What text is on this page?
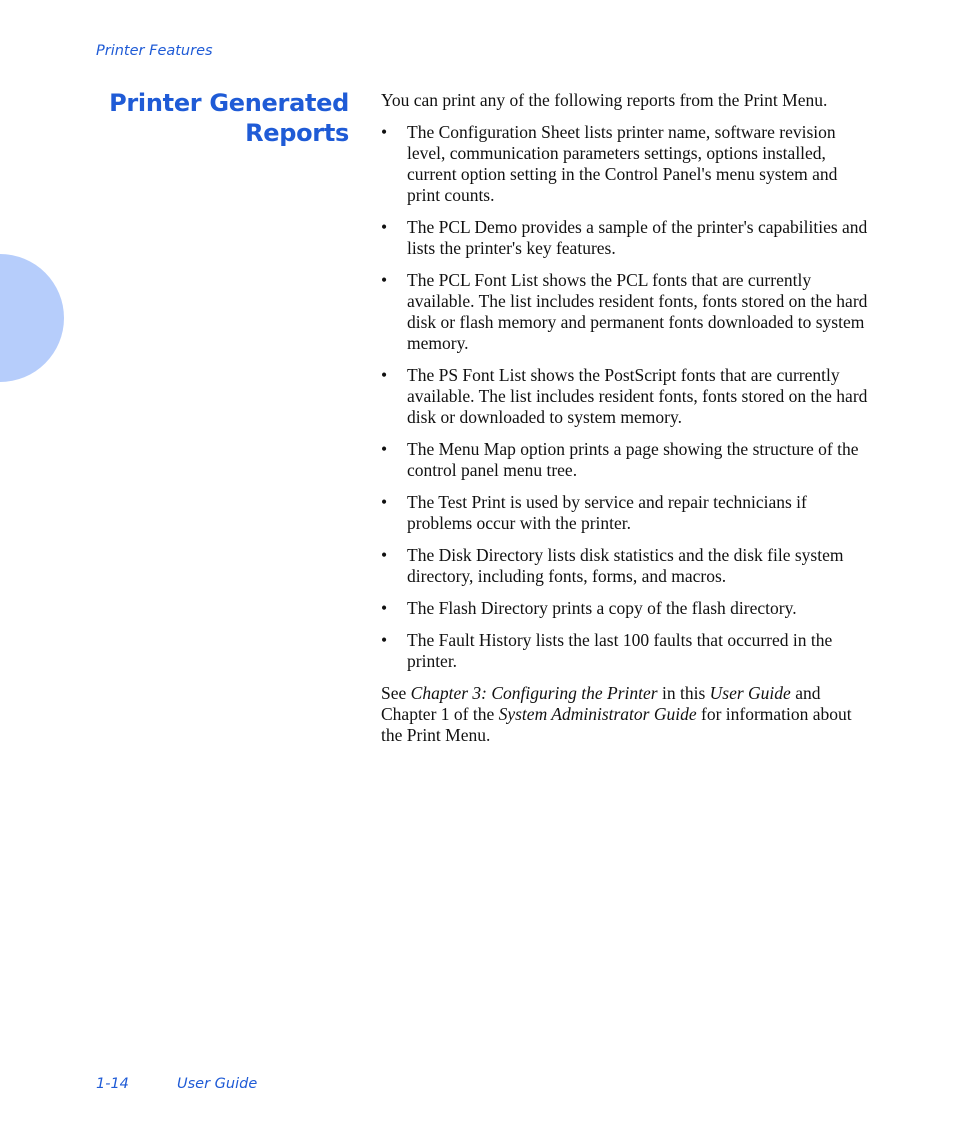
Printer Features
Printer Generated
Reports

You can print any of the following reports from the Print Menu.

• The Configuration Sheet lists printer name, software revision level, communication parameters settings, options installed, current option setting in the Control Panel's menu system and print counts.
• The PCL Demo provides a sample of the printer's capabilities and lists the printer's key features.
• The PCL Font List shows the PCL fonts that are currently available. The list includes resident fonts, fonts stored on the hard disk or flash memory and permanent fonts downloaded to system memory.
• The PS Font List shows the PostScript fonts that are currently available. The list includes resident fonts, fonts stored on the hard disk or downloaded to system memory.
• The Menu Map option prints a page showing the structure of the control panel menu tree.
• The Test Print is used by service and repair technicians if problems occur with the printer.
• The Disk Directory lists disk statistics and the disk file system directory, including fonts, forms, and macros.
• The Flash Directory prints a copy of the flash directory.
• The Fault History lists the last 100 faults that occurred in the printer.

See Chapter 3: Configuring the Printer in this User Guide and Chapter 1 of the System Administrator Guide for information about the Print Menu.

1-14	User Guide
